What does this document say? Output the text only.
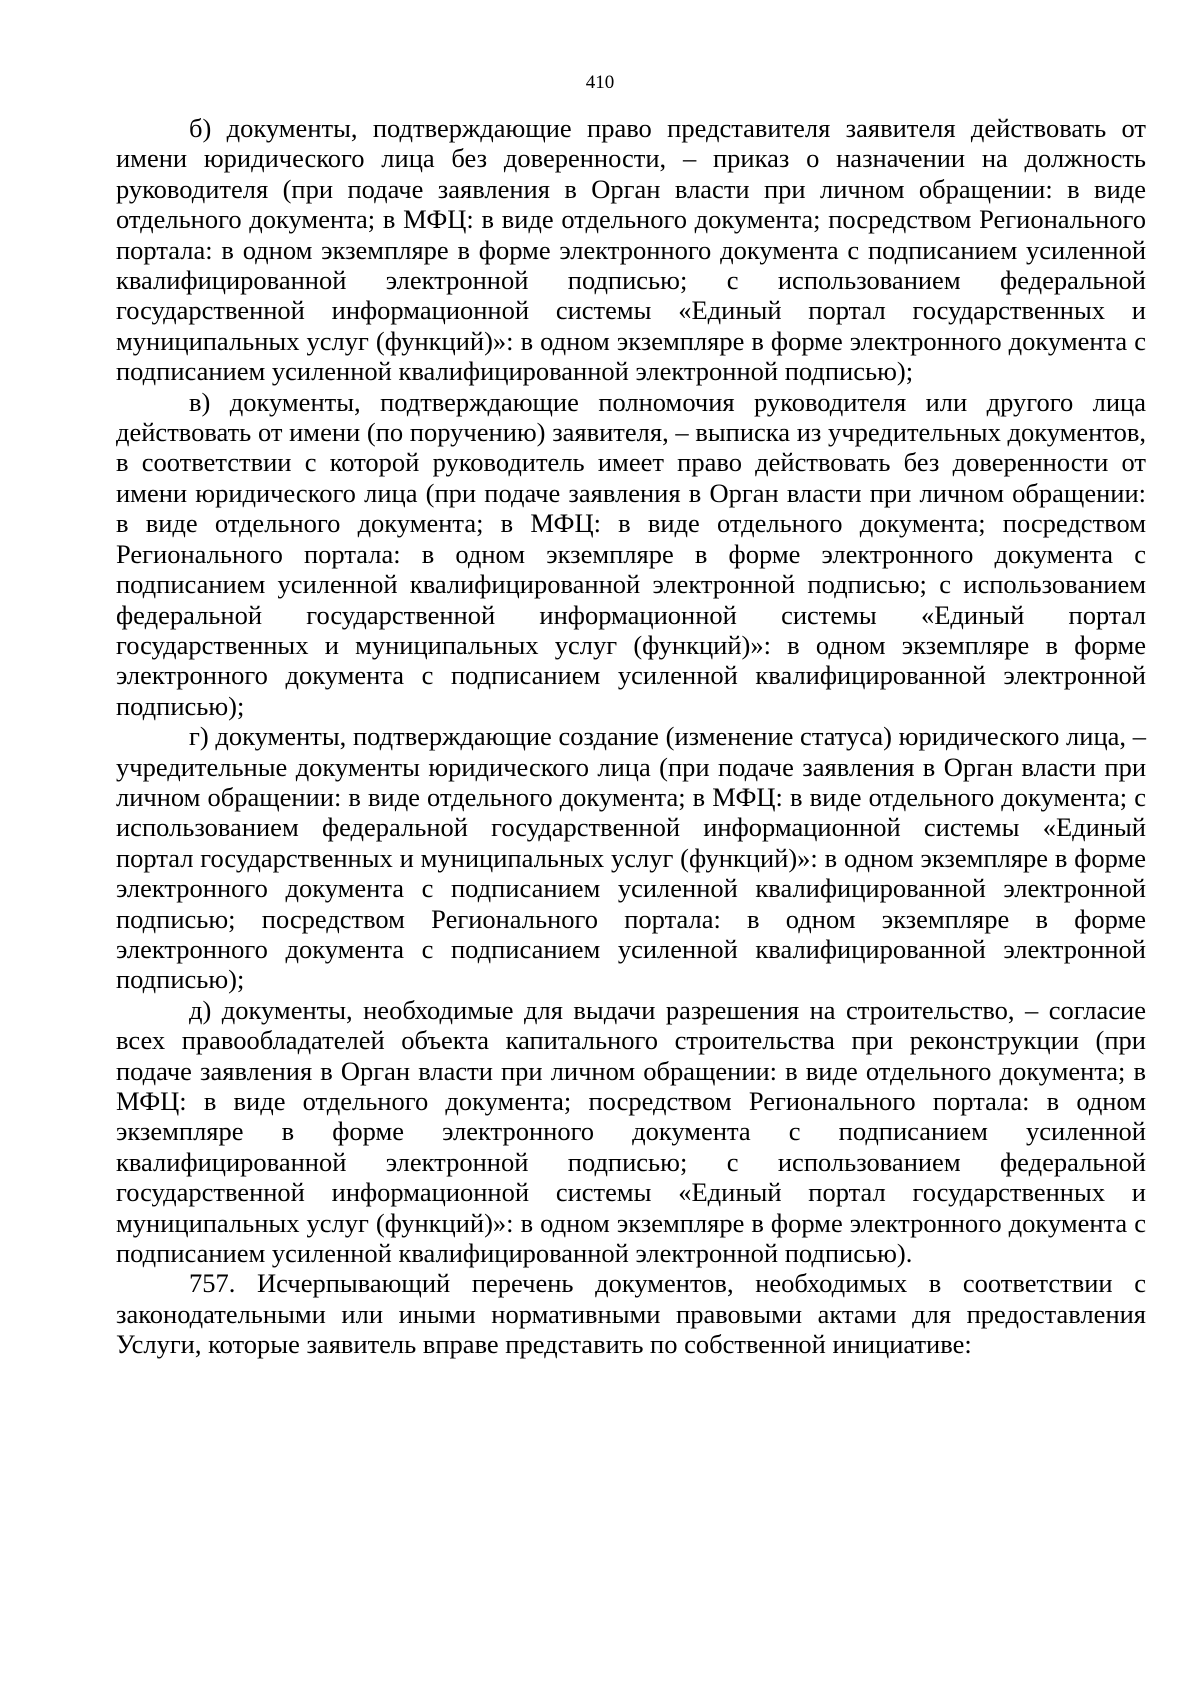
410

б) документы, подтверждающие право представителя заявителя действовать от имени юридического лица без доверенности, – приказ о назначении на должность руководителя (при подаче заявления в Орган власти при личном обращении: в виде отдельного документа; в МФЦ: в виде отдельного документа; посредством Регионального портала: в одном экземпляре в форме электронного документа с подписанием усиленной квалифицированной электронной подписью; с использованием федеральной государственной информационной системы «Единый портал государственных и муниципальных услуг (функций)»: в одном экземпляре в форме электронного документа с подписанием усиленной квалифицированной электронной подписью);

в) документы, подтверждающие полномочия руководителя или другого лица действовать от имени (по поручению) заявителя, – выписка из учредительных документов, в соответствии с которой руководитель имеет право действовать без доверенности от имени юридического лица (при подаче заявления в Орган власти при личном обращении: в виде отдельного документа; в МФЦ: в виде отдельного документа; посредством Регионального портала: в одном экземпляре в форме электронного документа с подписанием усиленной квалифицированной электронной подписью; с использованием федеральной государственной информационной системы «Единый портал государственных и муниципальных услуг (функций)»: в одном экземпляре в форме электронного документа с подписанием усиленной квалифицированной электронной подписью);

г) документы, подтверждающие создание (изменение статуса) юридического лица, – учредительные документы юридического лица (при подаче заявления в Орган власти при личном обращении: в виде отдельного документа; в МФЦ: в виде отдельного документа; с использованием федеральной государственной информационной системы «Единый портал государственных и муниципальных услуг (функций)»: в одном экземпляре в форме электронного документа с подписанием усиленной квалифицированной электронной подписью; посредством Регионального портала: в одном экземпляре в форме электронного документа с подписанием усиленной квалифицированной электронной подписью);

д) документы, необходимые для выдачи разрешения на строительство, – согласие всех правообладателей объекта капитального строительства при реконструкции (при подаче заявления в Орган власти при личном обращении: в виде отдельного документа; в МФЦ: в виде отдельного документа; посредством Регионального портала: в одном экземпляре в форме электронного документа с подписанием усиленной квалифицированной электронной подписью; с использованием федеральной государственной информационной системы «Единый портал государственных и муниципальных услуг (функций)»: в одном экземпляре в форме электронного документа с подписанием усиленной квалифицированной электронной подписью).

757. Исчерпывающий перечень документов, необходимых в соответствии с законодательными или иными нормативными правовыми актами для предоставления Услуги, которые заявитель вправе представить по собственной инициативе:
